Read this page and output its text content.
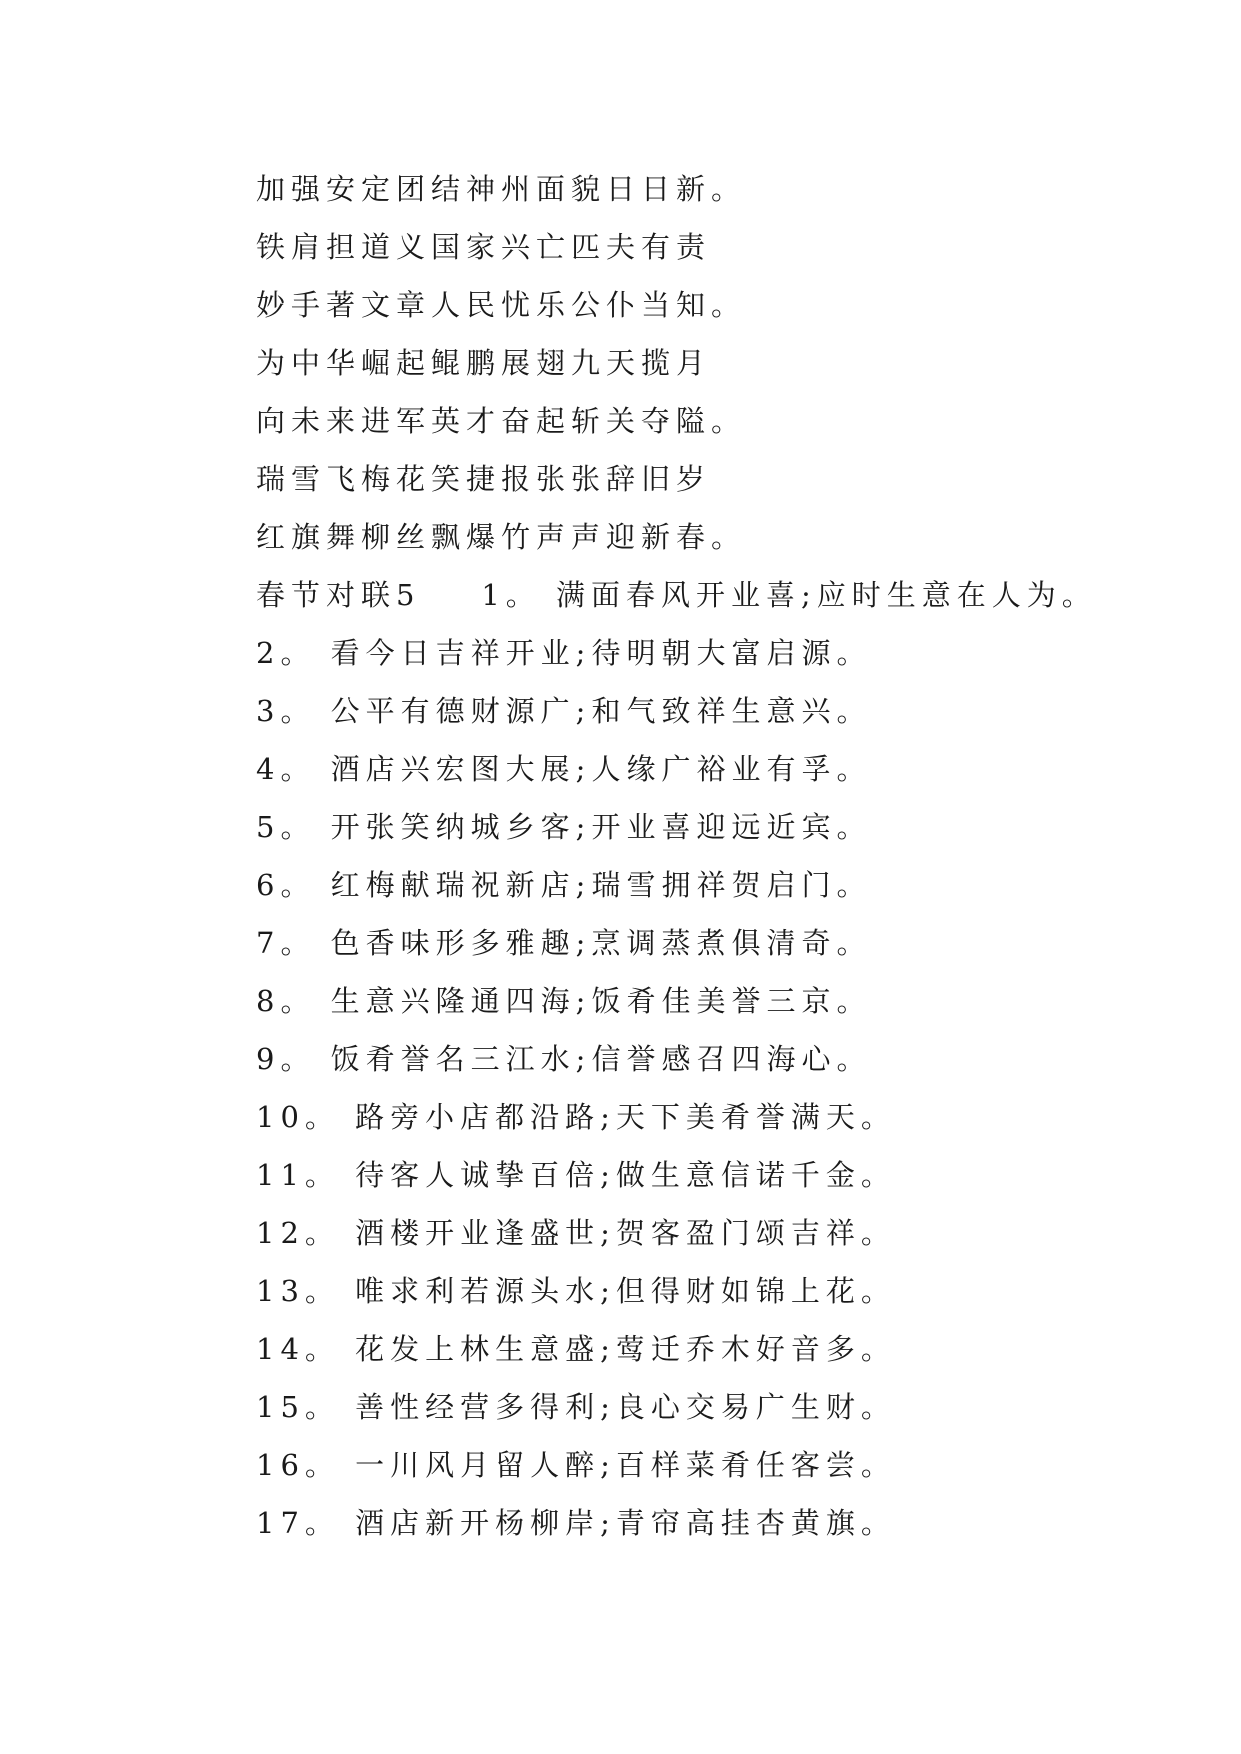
加强安定团结神州面貌日日新。
铁肩担道义国家兴亡匹夫有责
妙手著文章人民忧乐公仆当知。
为中华崛起鲲鹏展翅九天揽月
向未来进军英才奋起斩关夺隘。
瑞雪飞梅花笑捷报张张辞旧岁
红旗舞柳丝飘爆竹声声迎新春。
春节对联5    1。 满面春风开业喜;应时生意在人为。
2。 看今日吉祥开业;待明朝大富启源。
3。 公平有德财源广;和气致祥生意兴。
4。 酒店兴宏图大展;人缘广裕业有孚。
5。 开张笑纳城乡客;开业喜迎远近宾。
6。 红梅献瑞祝新店;瑞雪拥祥贺启门。
7。 色香味形多雅趣;烹调蒸煮俱清奇。
8。 生意兴隆通四海;饭肴佳美誉三京。
9。 饭肴誉名三江水;信誉感召四海心。
10。 路旁小店都沿路;天下美肴誉满天。
11。 待客人诚挚百倍;做生意信诺千金。
12。 酒楼开业逢盛世;贺客盈门颂吉祥。
13。 唯求利若源头水;但得财如锦上花。
14。 花发上林生意盛;莺迁乔木好音多。
15。 善性经营多得利;良心交易广生财。
16。 一川风月留人醉;百样菜肴任客尝。
17。 酒店新开杨柳岸;青帘高挂杏黄旗。
